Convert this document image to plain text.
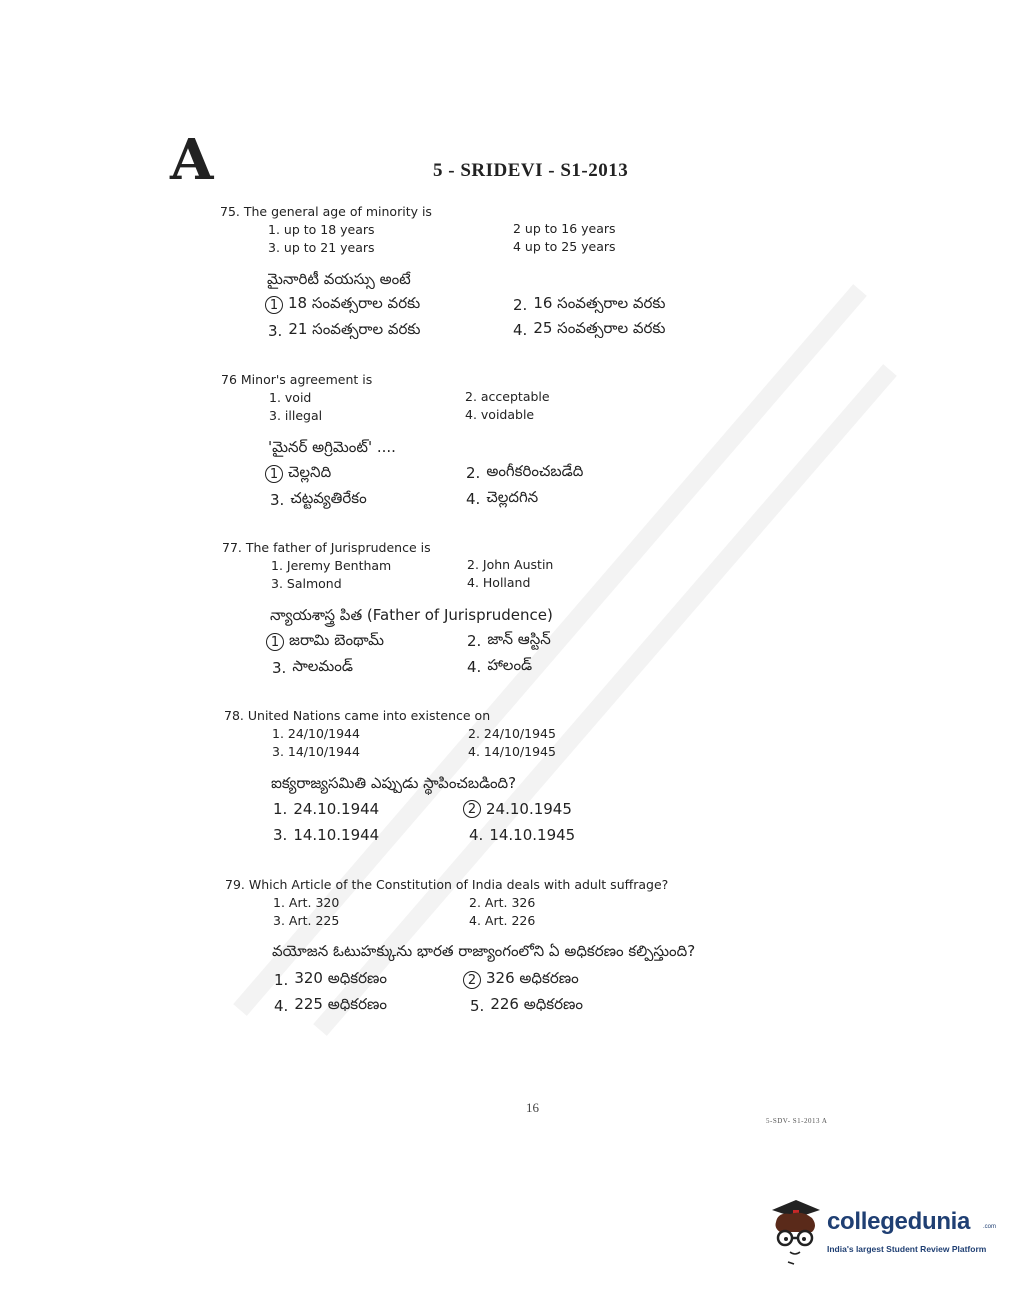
A	5 - SRIDEVI - S1-2013
75. The general age of minority is
1. up to 18 years	2 up to 16 years
3. up to 21 years	4 up to 25 years
మైనారిటీ వయస్సు అంటే
1 18 సంవత్సరాల వరకు	2. 16 సంవత్సరాల వరకు
3. 21 సంవత్సరాల వరకు	4. 25 సంవత్సరాల వరకు
76 Minor's agreement is
1. void	2. acceptable
3. illegal	4. voidable
'మైనర్ అగ్రిమెంట్' ....
1 చెల్లనిది	2. అంగీకరించబడేది
3. చట్టవ్యతిరేకం	4. చెల్లదగిన
77. The father of Jurisprudence is
1. Jeremy Bentham	2. John Austin
3. Salmond	4. Holland
న్యాయశాస్త్ర పిత (Father of Jurisprudence)
1 జరామి బెంథామ్	2. జాన్ ఆస్టిన్
3. సాలమండ్	4. హాలండ్
78. United Nations came into existence on
1. 24/10/1944	2. 24/10/1945
3. 14/10/1944	4. 14/10/1945
ఐక్యరాజ్యసమితి ఎప్పుడు స్థాపించబడింది?
1. 24.10.1944	2 24.10.1945
3. 14.10.1944	4. 14.10.1945
79. Which Article of the Constitution of India deals with adult suffrage?
1. Art. 320	2. Art. 326
3. Art. 225	4. Art. 226
వయోజన ఓటుహక్కును భారత రాజ్యాంగంలోని ఏ అధికరణం కల్పిస్తుంది?
1. 320 అధికరణం	2 326 అధికరణం
4. 225 అధికరణం	5. 226 అధికరణం
16
5-SDV- S1-2013 A
collegedunia .com
India's largest Student Review Platform
